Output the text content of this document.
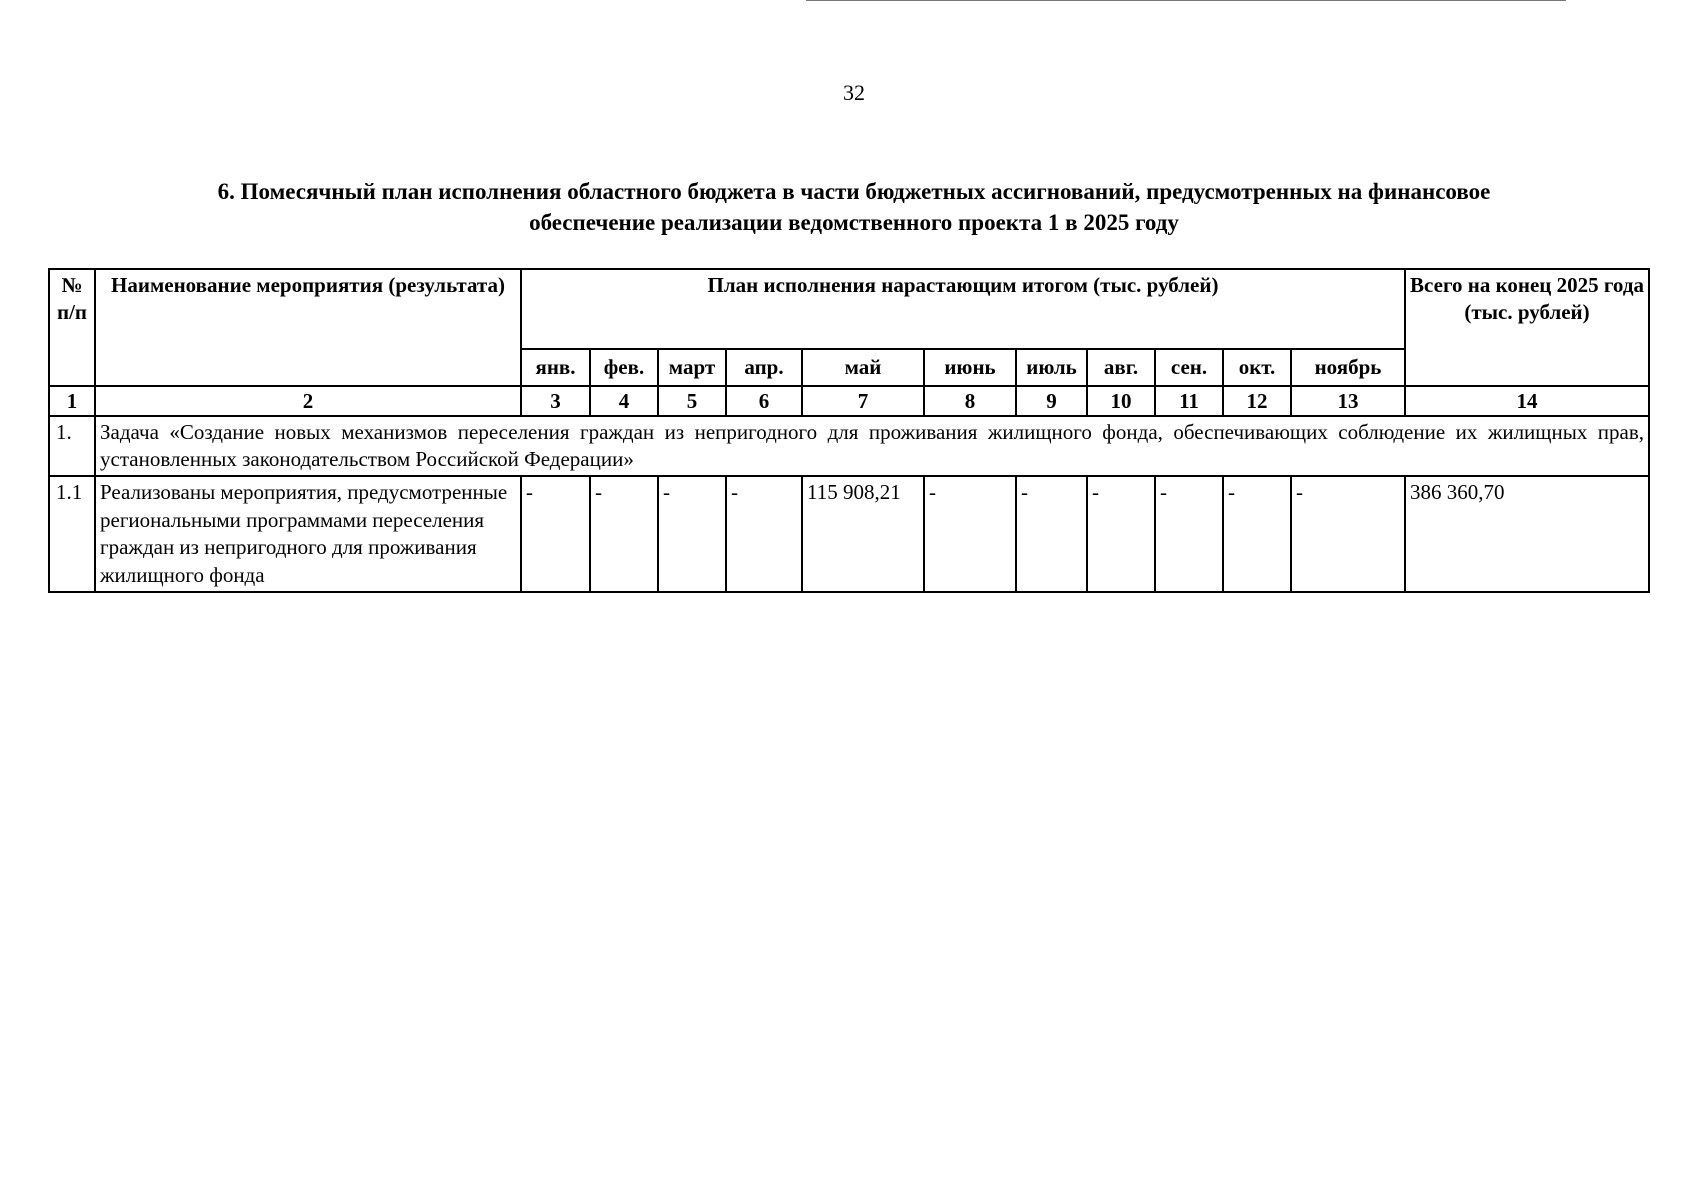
32
6. Помесячный план исполнения областного бюджета в части бюджетных ассигнований, предусмотренных на финансовое
обеспечение реализации ведомственного проекта 1 в 2025 году
№ п/п	Наименование мероприятия (результата)	План исполнения нарастающим итогом (тыс. рублей)											Всего на конец 2025 года (тыс. рублей)
		янв.	фев.	март	апр.	май	июнь	июль	авг.	сен.	окт.	ноябрь	
1	2	3	4	5	6	7	8	9	10	11	12	13	14
1.	Задача «Создание новых механизмов переселения граждан из непригодного для проживания жилищного фонда, обеспечивающих соблюдение их жилищных прав, установленных законодательством Российской Федерации»												
1.1	Реализованы мероприятия, предусмотренные региональными программами переселения граждан из непригодного для проживания жилищного фонда	-	-	-	-	115 908,21	-	-	-	-	-	-	386 360,70
